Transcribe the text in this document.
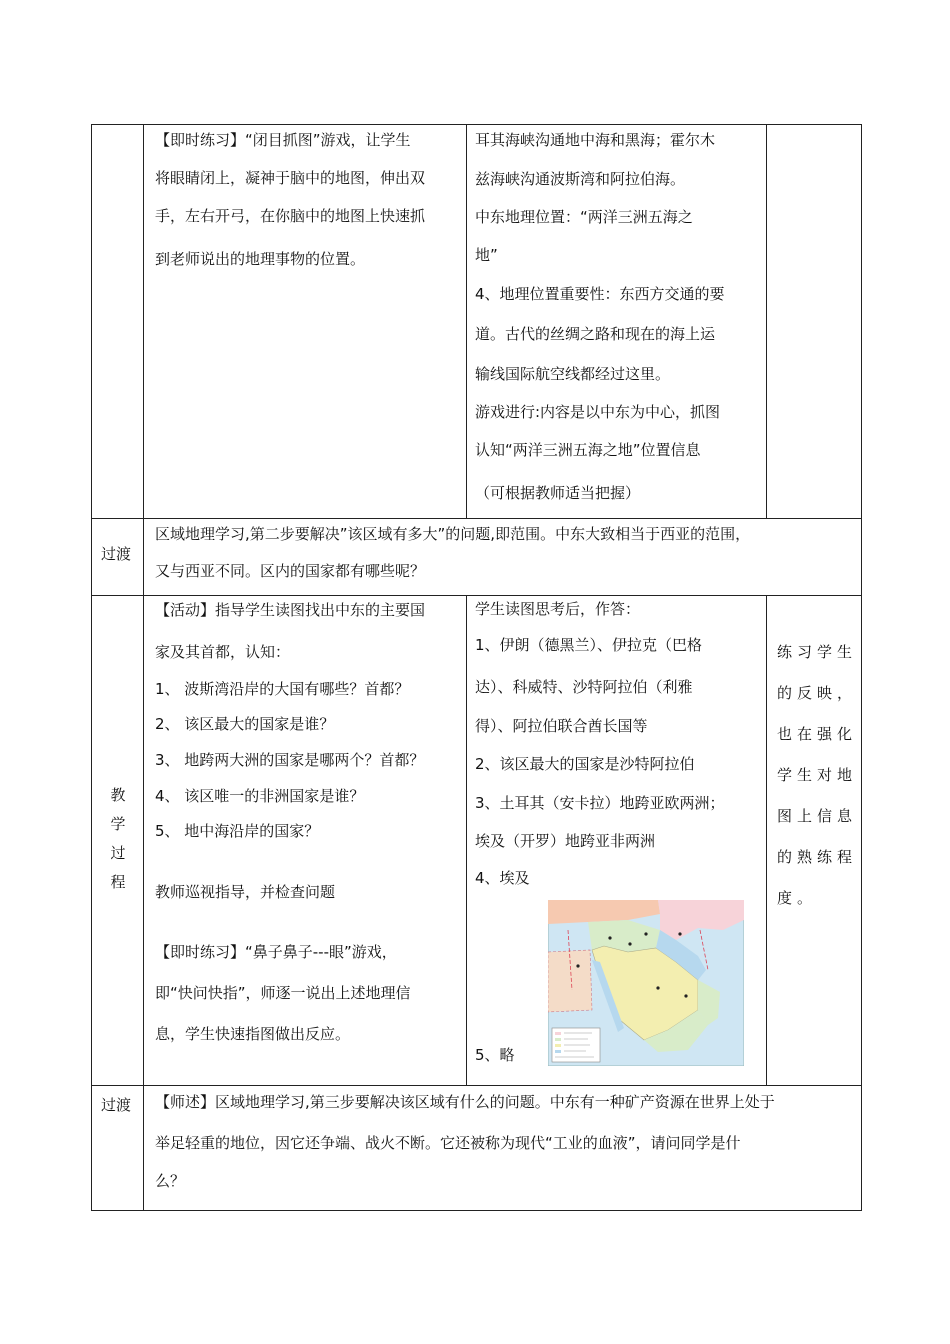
【即时练习】“闭目抓图”游戏，让学生
将眼睛闭上，凝神于脑中的地图，伸出双
手，左右开弓，在你脑中的地图上快速抓
到老师说出的地理事物的位置。
耳其海峡沟通地中海和黑海；霍尔木
兹海峡沟通波斯湾和阿拉伯海。
中东地理位置：“两洋三洲五海之
地”
4、地理位置重要性：东西方交通的要
道。古代的丝绸之路和现在的海上运
输线国际航空线都经过这里。
游戏进行:内容是以中东为中心，抓图
认知“两洋三洲五海之地”位置信息
（可根据教师适当把握）
过渡
区域地理学习,第二步要解决”该区域有多大”的问题,即范围。中东大致相当于西亚的范围，
又与西亚不同。区内的国家都有哪些呢？
教
学
过
程
【活动】指导学生读图找出中东的主要国
家及其首都，认知：
1、 波斯湾沿岸的大国有哪些？首都？
2、 该区最大的国家是谁？
3、 地跨两大洲的国家是哪两个？首都？
4、 该区唯一的非洲国家是谁？
5、 地中海沿岸的国家？
教师巡视指导，并检查问题
【即时练习】“鼻子鼻子---眼”游戏，
即“快问快指”，师逐一说出上述地理信
息，学生快速指图做出反应。
学生读图思考后，作答：
1、伊朗（德黑兰）、伊拉克（巴格
达）、科威特、沙特阿拉伯（利雅
得）、阿拉伯联合酋长国等
2、该区最大的国家是沙特阿拉伯
3、土耳其（安卡拉）地跨亚欧两洲；
埃及（开罗）地跨亚非两洲
4、埃及
5、略
练习学生
的反映，
也在强化
学生对地
图上信息
的熟练程
度。
过渡 【师述】区域地理学习,第三步要解决该区域有什么的问题。中东有一种矿产资源在世界上处于
举足轻重的地位，因它还争端、战火不断。它还被称为现代“工业的血液”，请问同学是什
么？
